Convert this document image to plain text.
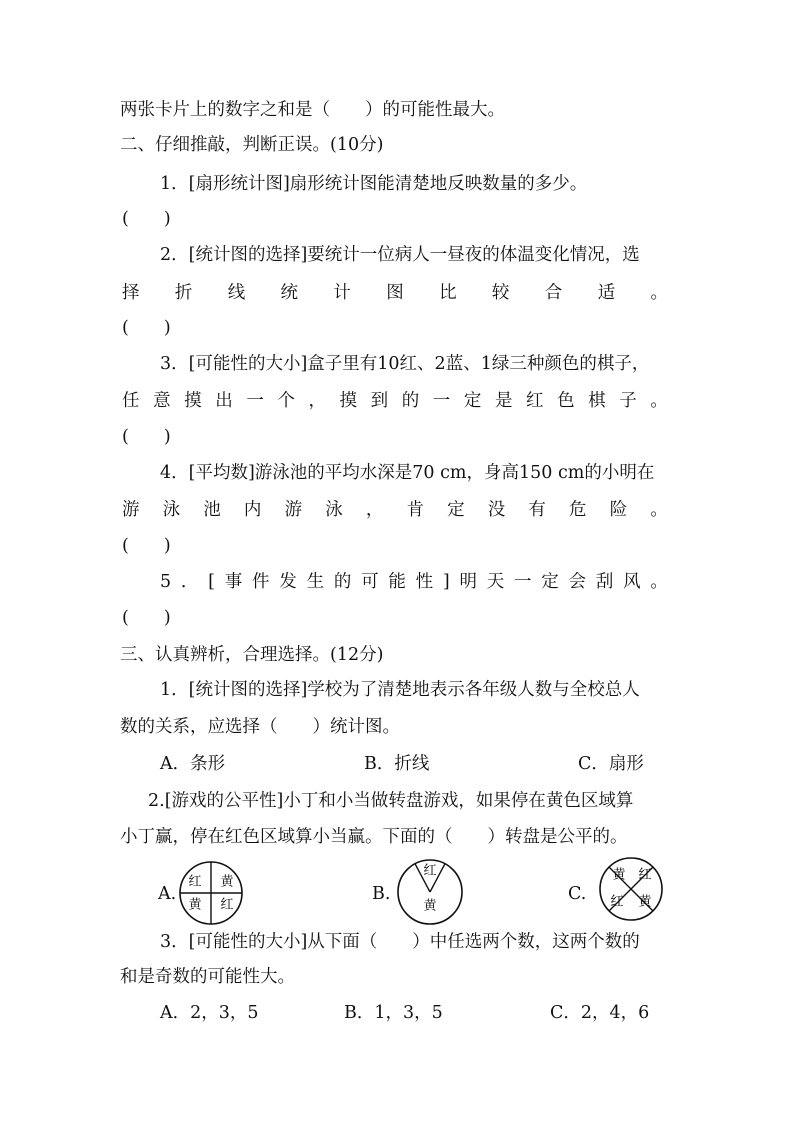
两张卡片上的数字之和是（　　）的可能性最大。
二、仔细推敲，判断正误。(10分)
1．[扇形统计图]扇形统计图能清楚地反映数量的多少。
(　　)
2．[统计图的选择]要统计一位病人一昼夜的体温变化情况，选
择 折 线 统 计 图 比 较 合 适 。
(　　)
3．[可能性的大小]盒子里有10红、2蓝、1绿三种颜色的棋子，
任 意 摸 出 一 个 ， 摸 到 的 一 定 是 红 色 棋 子 。
(　　)
4．[平均数]游泳池的平均水深是70 cm，身高150 cm的小明在
游 泳 池 内 游 泳 ， 肯 定 没 有 危 险 。
(　　)
5 ． [ 事 件 发 生 的 可 能 性 ] 明 天 一 定 会 刮 风 。
(　　)
三、认真辨析，合理选择。(12分)
1．[统计图的选择]学校为了清楚地表示各年级人数与全校总人
数的关系，应选择（　　）统计图。
A．条形	B．折线	C．扇形
2.[游戏的公平性]小丁和小当做转盘游戏，如果停在黄色区域算
小丁赢，停在红色区域算小当赢。下面的（　　）转盘是公平的。
A.
红 黄
黄 红
B.
红
黄
C.
黄 红
红 黄
3．[可能性的大小]从下面（　　）中任选两个数，这两个数的
和是奇数的可能性大。
A．2，3，5	B．1，3，5	C．2，4，6
